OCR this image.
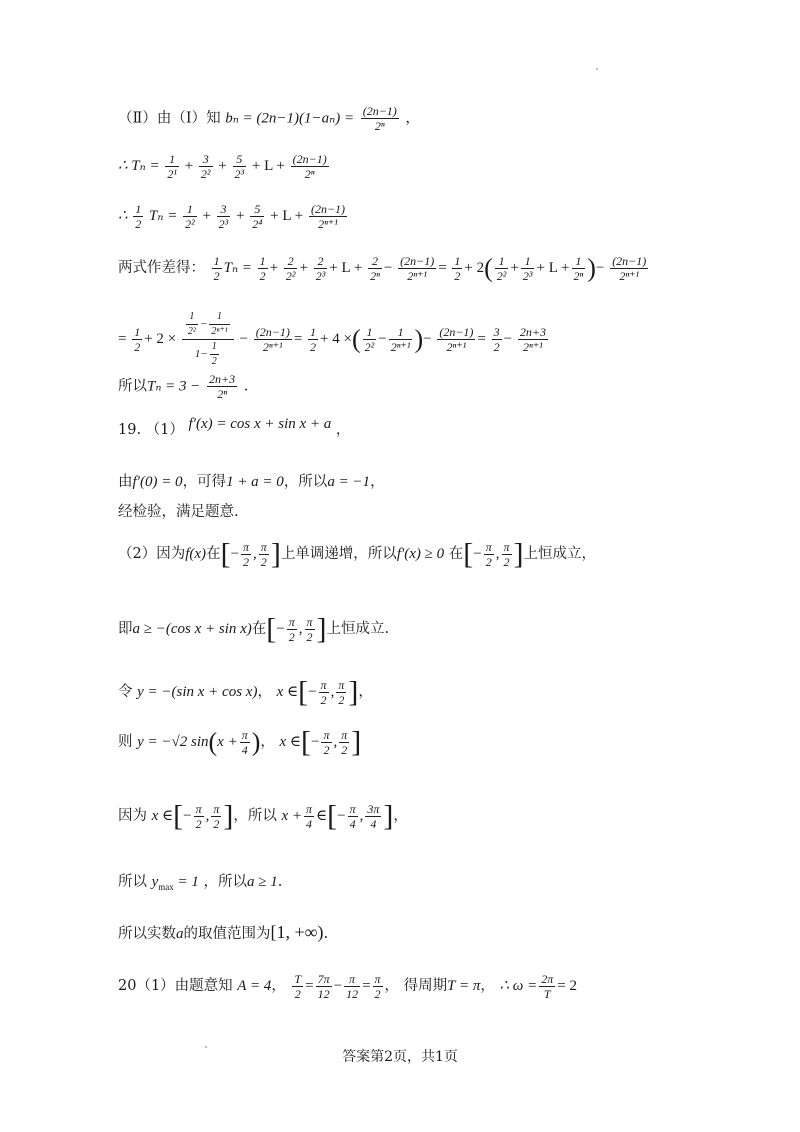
（Ⅱ）由（Ⅰ）知 $b_n = (2n-1)(1-a_n) = \frac{(2n-1)}{\text{2ⁿ}}$ ，
∴ $T_n = \frac{1}{\text{2¹}} + \frac{3}{\text{2²}} + \frac{5}{\text{2³}} + L + \frac{(2n-1)}{\text{2ⁿ}}$
∴ $\frac{1}{2}$ $T_n = \frac{1}{\text{2²}} + \frac{3}{\text{2³}} + \frac{5}{\text{2⁴}} + L + \frac{(2n-1)}{\text{2ⁿ⁺¹}}$
两式作差得： $\frac{1}{2}$ $T_n = \frac{1}{2} + \frac{2}{\text{2²}} + \frac{2}{\text{2³}} + L + \frac{2}{\text{2ⁿ}} - \frac{(2n-1)}{\text{2ⁿ⁺¹}} = \frac{1}{2} + 2( \frac{1}{\text{2²}} + \frac{1}{\text{2³}} + L + \frac{1}{\text{2ⁿ}}$ )− $\frac{(2n-1)}{\text{2ⁿ⁺¹}}$
= $\frac{1}{2} + 2 \times \frac{\frac{1}{\text{2²}} - \frac{1}{\text{2ⁿ⁺¹}}}{1- \frac{1}{2}} - \frac{(2n-1)}{\text{2ⁿ⁺¹}} = \frac{1}{2} + 4$ ×( $\frac{1}{\text{2²}} - \frac{1}{\text{2ⁿ⁺¹}}$ )− $\frac{(2n-1)}{\text{2ⁿ⁺¹}} = \frac{3}{2} - \frac{2n+3}{\text{2ⁿ⁺¹}}$
所以$T_n = 3 - \frac{2n+3}{\text{2ⁿ}}$ .
19. （1） f′(x) = cos x + sin x + a ，
由f′(0) = 0，可得1 + a = 0，所以a = −1，
经检验，满足题意.
（2）因为f(x)在[− $\frac{\pi}{2}$ , $\frac{\pi}{2}$ ]上单调递增，所以f′(x) ≥ 0 在[− $\frac{\pi}{2}$ , $\frac{\pi}{2}$ ]上恒成立，
即a ≥ −(cos x + sin x)在[− $\frac{\pi}{2}$ , $\frac{\pi}{2}$ ]上恒成立.
令 y = −(sin x + cos x)， x ∈[− $\frac{\pi}{2}$ , $\frac{\pi}{2}$ ]，
则 y = −√2 $\sin(x + \frac{\pi}{4}$ )， x ∈[− $\frac{\pi}{2}$ , $\frac{\pi}{2}$ ]
因为 x ∈[− $\frac{\pi}{2}$ , $\frac{\pi}{2}$ ]，所以 $x + \frac{\pi}{4}$ ∈[− $\frac{\pi}{4}$ , $\frac{3\pi}{4}$ ]，
所以 $y_{max} = 1$ ，所以a ≥ 1.
所以实数a的取值范围为[1, +∞).
20（1）由题意知 A = 4， $\frac{T}{2} = \frac{7\pi}{12} - \frac{\pi}{12} = \frac{\pi}{2}$ ， 得周期T = π， ∴ $\omega = \frac{2\pi}{T} = 2$
答案第2页，共1页
